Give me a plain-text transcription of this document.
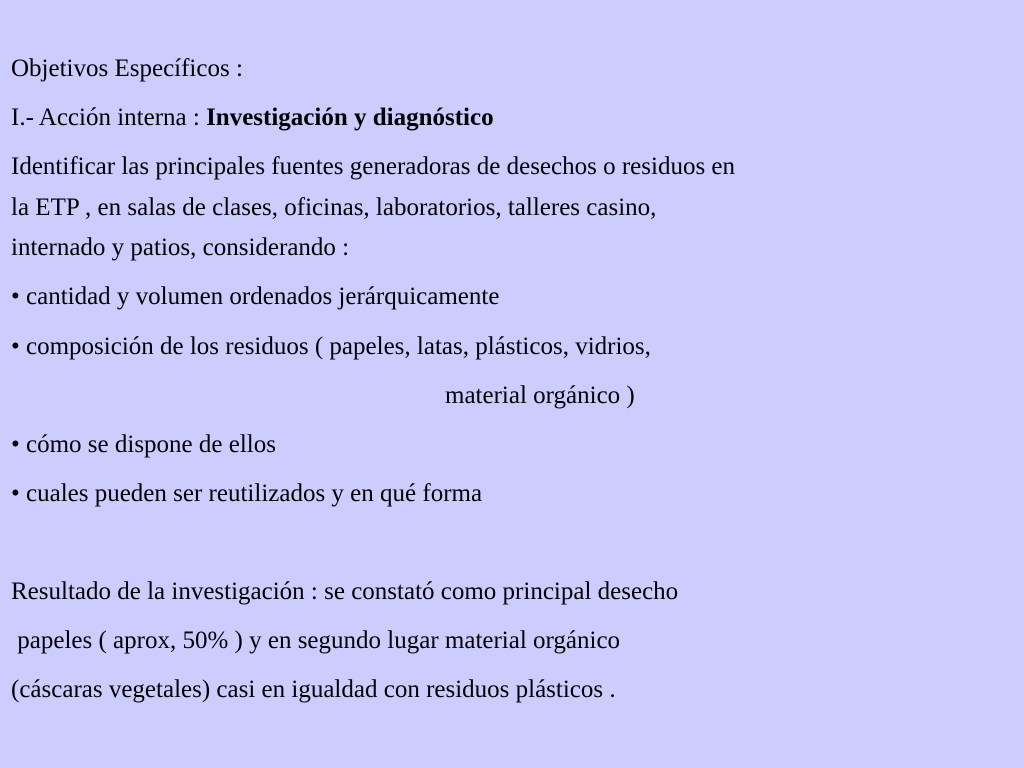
Objetivos Específicos :
I.- Acción interna : Investigación y diagnóstico
Identificar las principales fuentes generadoras de desechos o residuos en
la ETP , en salas de clases, oficinas, laboratorios, talleres casino,
internado y patios, considerando :
• cantidad y volumen ordenados jerárquicamente
• composición de los residuos ( papeles, latas, plásticos, vidrios,
material orgánico )
• cómo se dispone de ellos
• cuales pueden ser reutilizados y en qué forma
Resultado de la investigación : se constató como principal desecho
papeles ( aprox, 50% ) y en segundo lugar material orgánico
(cáscaras vegetales) casi en igualdad con residuos plásticos .
